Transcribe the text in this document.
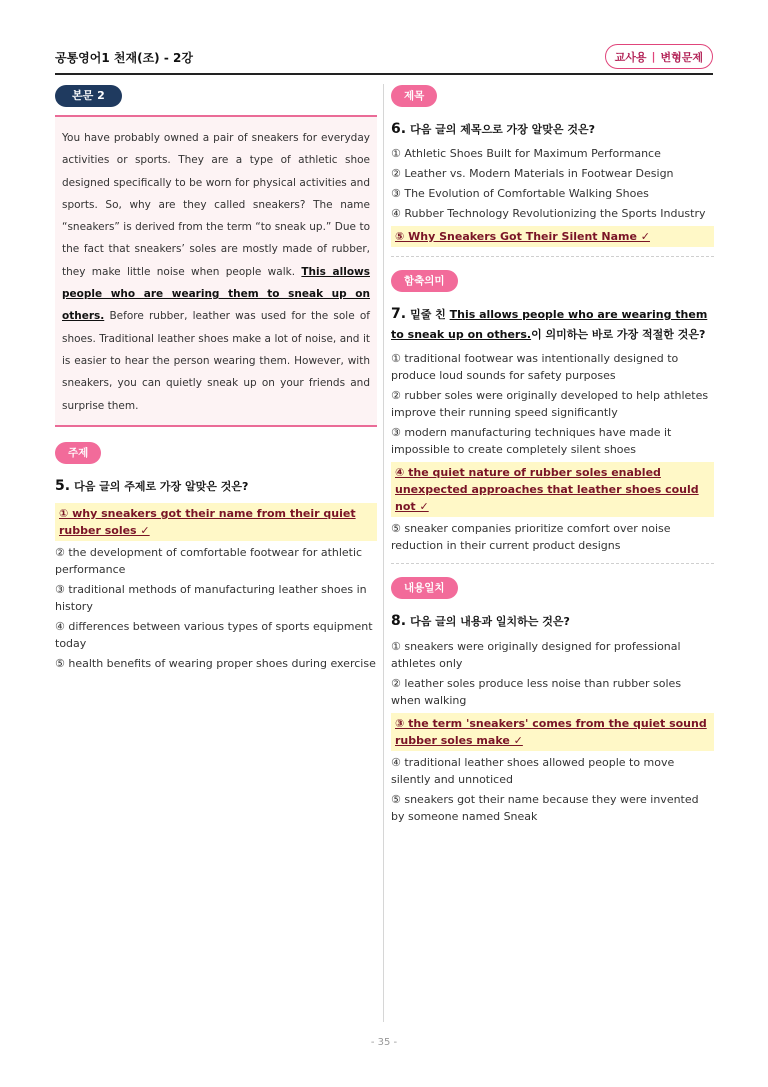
공통영어1 천재(조) - 2강	교사용 | 변형문제
본문 2

You have probably owned a pair of sneakers for everyday activities or sports. They are a type of athletic shoe designed specifically to be worn for physical activities and sports. So, why are they called sneakers? The name “sneakers” is derived from the term “to sneak up.” Due to the fact that sneakers’ soles are mostly made of rubber, they make little noise when people walk. This allows people who are wearing them to sneak up on others. Before rubber, leather was used for the sole of shoes. Traditional leather shoes make a lot of noise, and it is easier to hear the person wearing them. However, with sneakers, you can quietly sneak up on your friends and surprise them.

주제
5. 다음 글의 주제로 가장 알맞은 것은?
① why sneakers got their name from their quiet rubber soles ✓
② the development of comfortable footwear for athletic performance
③ traditional methods of manufacturing leather shoes in history
④ differences between various types of sports equipment today
⑤ health benefits of wearing proper shoes during exercise
제목
6. 다음 글의 제목으로 가장 알맞은 것은?
① Athletic Shoes Built for Maximum Performance
② Leather vs. Modern Materials in Footwear Design
③ The Evolution of Comfortable Walking Shoes
④ Rubber Technology Revolutionizing the Sports Industry
⑤ Why Sneakers Got Their Silent Name ✓
함축의미
7. 밑줄 친 This allows people who are wearing them to sneak up on others.이 의미하는 바로 가장 적절한 것은?
① traditional footwear was intentionally designed to produce loud sounds for safety purposes
② rubber soles were originally developed to help athletes improve their running speed significantly
③ modern manufacturing techniques have made it impossible to create completely silent shoes
④ the quiet nature of rubber soles enabled unexpected approaches that leather shoes could not ✓
⑤ sneaker companies prioritize comfort over noise reduction in their current product designs
내용일치
8. 다음 글의 내용과 일치하는 것은?
① sneakers were originally designed for professional athletes only
② leather soles produce less noise than rubber soles when walking
③ the term 'sneakers' comes from the quiet sound rubber soles make ✓
④ traditional leather shoes allowed people to move silently and unnoticed
⑤ sneakers got their name because they were invented by someone named Sneak
- 35 -
